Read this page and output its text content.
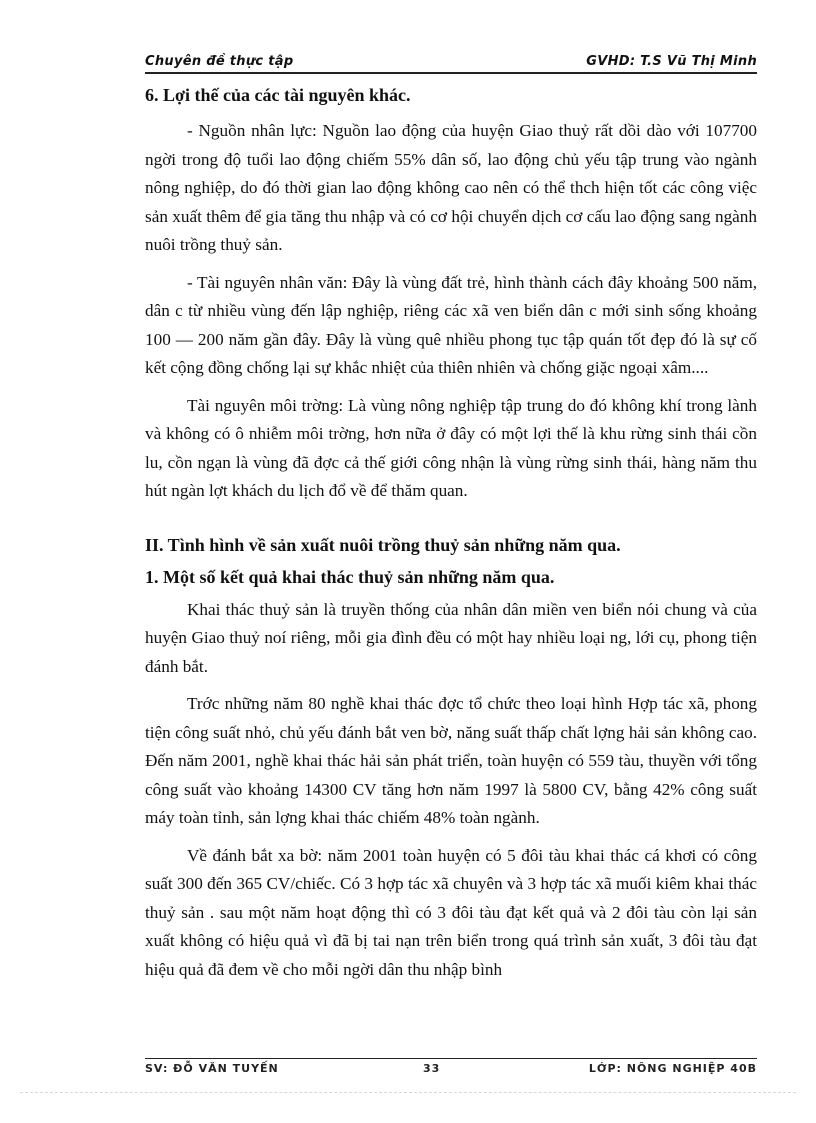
Chuyên đề thực tập	GVHD: T.S Vũ Thị Minh

6. Lợi thế của các tài nguyên khác.

- Nguồn nhân lực: Nguồn lao động của huyện Giao thuỷ rất dồi dào với 107700 ngời trong độ tuổi lao động chiếm 55% dân số, lao động chủ yếu tập trung vào ngành nông nghiệp, do đó thời gian lao động không cao nên có thể thch hiện tốt các công việc sản xuất thêm để gia tăng thu nhập và có cơ hội chuyển dịch cơ cấu lao động sang ngành nuôi trồng thuỷ sản.

- Tài nguyên nhân văn: Đây là vùng đất trẻ, hình thành cách đây khoảng 500 năm, dân c từ nhiều vùng đến lập nghiệp, riêng các xã ven biển dân c mới sinh sống khoảng 100 — 200 năm gần đây. Đây là vùng quê nhiều phong tục tập quán tốt đẹp đó là sự cố kết cộng đồng chống lại sự khắc nhiệt của thiên nhiên và chống giặc ngoại xâm....

Tài nguyên môi trờng: Là vùng nông nghiệp tập trung do đó không khí trong lành và không có ô nhiễm môi trờng, hơn nữa ở đây có một lợi thế là khu rừng sinh thái cồn lu, cồn ngạn là vùng đã đợc cả thế giới công nhận là vùng rừng sinh thái, hàng năm thu hút ngàn lợt khách du lịch đổ về để thăm quan.

II. Tình hình về sản xuất nuôi trồng thuỷ sản những năm qua.

1. Một số kết quả khai thác thuỷ sản những năm qua.

Khai thác thuỷ sản là truyền thống của nhân dân miền ven biển nói chung và của huyện Giao thuỷ noí riêng, mỗi gia đình đều có một hay nhiều loại ng, lới cụ, phong tiện đánh bắt.

Trớc những năm 80 nghề khai thác đợc tổ chức theo loại hình Hợp tác xã, phong tiện công suất nhỏ, chủ yếu đánh bắt ven bờ, năng suất thấp chất lợng hải sản không cao. Đến năm 2001, nghề khai thác hải sản phát triển, toàn huyện có 559 tàu, thuyền với tổng công suất vào khoảng 14300 CV tăng hơn năm 1997 là 5800 CV, bằng 42% công suất máy toàn tỉnh, sản lợng khai thác chiếm 48% toàn ngành.

Về đánh bắt xa bờ: năm 2001 toàn huyện có 5 đôi tàu khai thác cá khơi có công suất 300 đến 365 CV/chiếc. Có 3 hợp tác xã chuyên và 3 hợp tác xã muối kiêm khai thác thuỷ sản . sau một năm hoạt động thì có 3 đôi tàu đạt kết quả và 2 đôi tàu còn lại sản xuất không có hiệu quả vì đã bị tai nạn trên biển trong quá trình sản xuất, 3 đôi tàu đạt hiệu quả đã đem về cho mỗi ngời dân thu nhập bình

SV: ĐỖ VĂN TUYẾN	33	LỚP: NÔNG NGHIỆP 40B
